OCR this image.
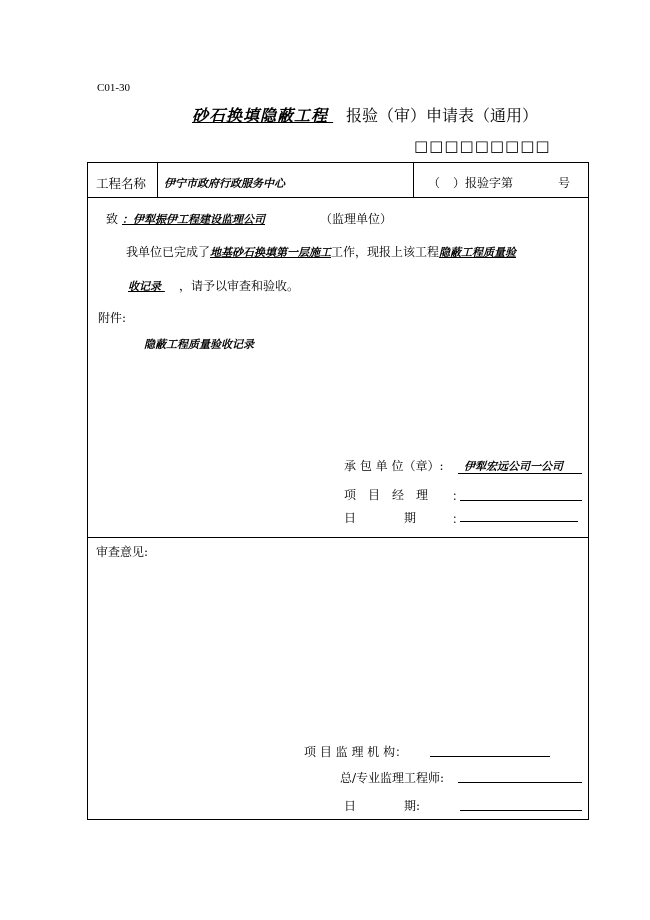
C01-30
砂石换填隐蔽工程 报验（审）申请表（通用）
□□□□□□□□□
工程名称 伊宁市政府行政服务中心	（ ）报验字第	号
致 ：伊犁振伊工程建设监理公司	（监理单位）
我单位已完成了地基砂石换填第一层施工工作，现报上该工程隐蔽工程质量验
收记录 ，请予以审查和验收。
附件:
隐蔽工程质量验收记录
承 包 单 位（章）: 伊犁宏远公司一公司
项　目　经　理 ：
日　　　　期	：
审查意见:
项 目 监 理 机 构：
总/专业监理工程师:
日　　　　期:
